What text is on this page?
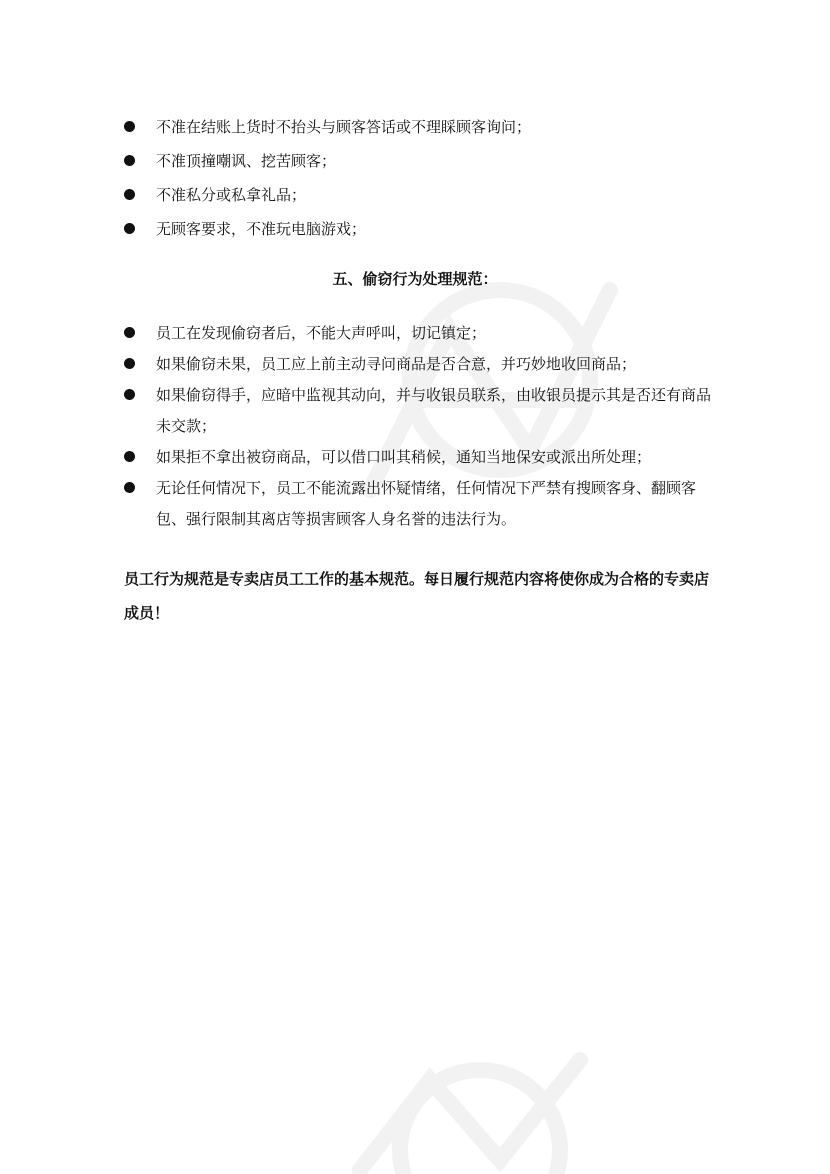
不准在结账上货时不抬头与顾客答话或不理睬顾客询问；
不准顶撞嘲讽、挖苦顾客；
不准私分或私拿礼品；
无顾客要求，不准玩电脑游戏；
五、偷窃行为处理规范：
员工在发现偷窃者后，不能大声呼叫，切记镇定；
如果偷窃未果，员工应上前主动寻问商品是否合意，并巧妙地收回商品；
如果偷窃得手，应暗中监视其动向，并与收银员联系，由收银员提示其是否还有商品未交款；
如果拒不拿出被窃商品，可以借口叫其稍候，通知当地保安或派出所处理；
无论任何情况下，员工不能流露出怀疑情绪，任何情况下严禁有搜顾客身、翻顾客包、强行限制其离店等损害顾客人身名誉的违法行为。

员工行为规范是专卖店员工工作的基本规范。每日履行规范内容将使你成为合格的专卖店成员！
